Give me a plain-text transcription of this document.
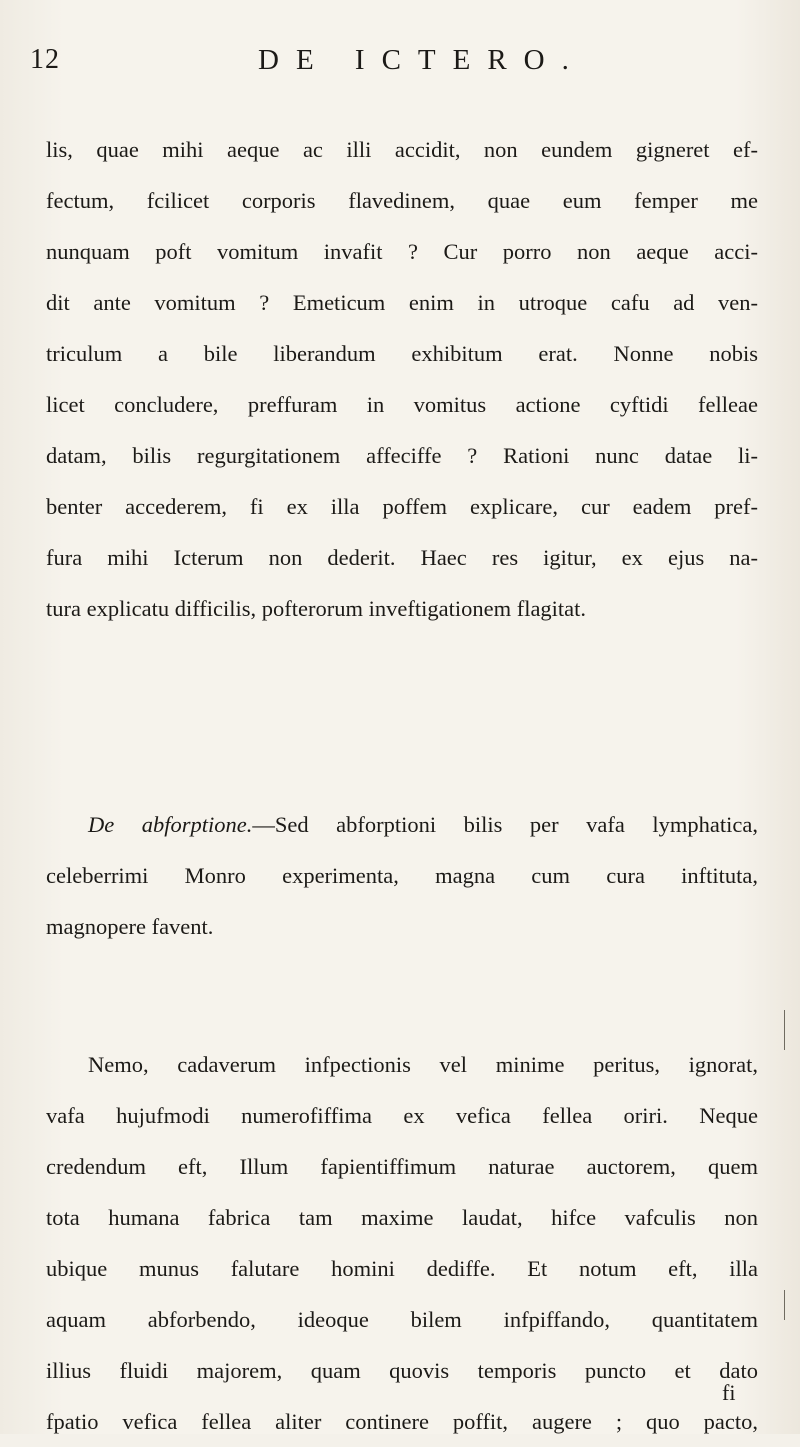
12	DE ICTERO.
lis, quae mihi aeque ac illi accidit, non eundem gigneret ef-
fectum, fcilicet corporis flavedinem, quae eum femper me
nunquam poft vomitum invafit ? Cur porro non aeque acci-
dit ante vomitum ? Emeticum enim in utroque cafu ad ven-
triculum a bile liberandum exhibitum erat. Nonne nobis
licet concludere, preffuram in vomitus actione cyftidi felleae
datam, bilis regurgitationem affeciffe ? Rationi nunc datae li-
benter accederem, fi ex illa poffem explicare, cur eadem pref-
fura mihi Icterum non dederit. Haec res igitur, ex ejus na-
tura explicatu difficilis, pofterorum inveftigationem flagitat.
De abforptione.—Sed abforptioni bilis per vafa lymphatica,
celeberrimi Monro experimenta, magna cum cura inftituta,
magnopere favent.
Nemo, cadaverum infpectionis vel minime peritus, ignorat,
vafa hujufmodi numerofiffima ex vefica fellea oriri. Neque
credendum eft, Illum fapientiffimum naturae auctorem, quem
tota humana fabrica tam maxime laudat, hifce vafculis non
ubique munus falutare homini dediffe. Et notum eft, illa
aquam abforbendo, ideoque bilem infpiffando, quantitatem
illius fluidi majorem, quam quovis temporis puncto et dato
fpatio vefica fellea aliter continere poffit, augere ; quo pacto,
fi
